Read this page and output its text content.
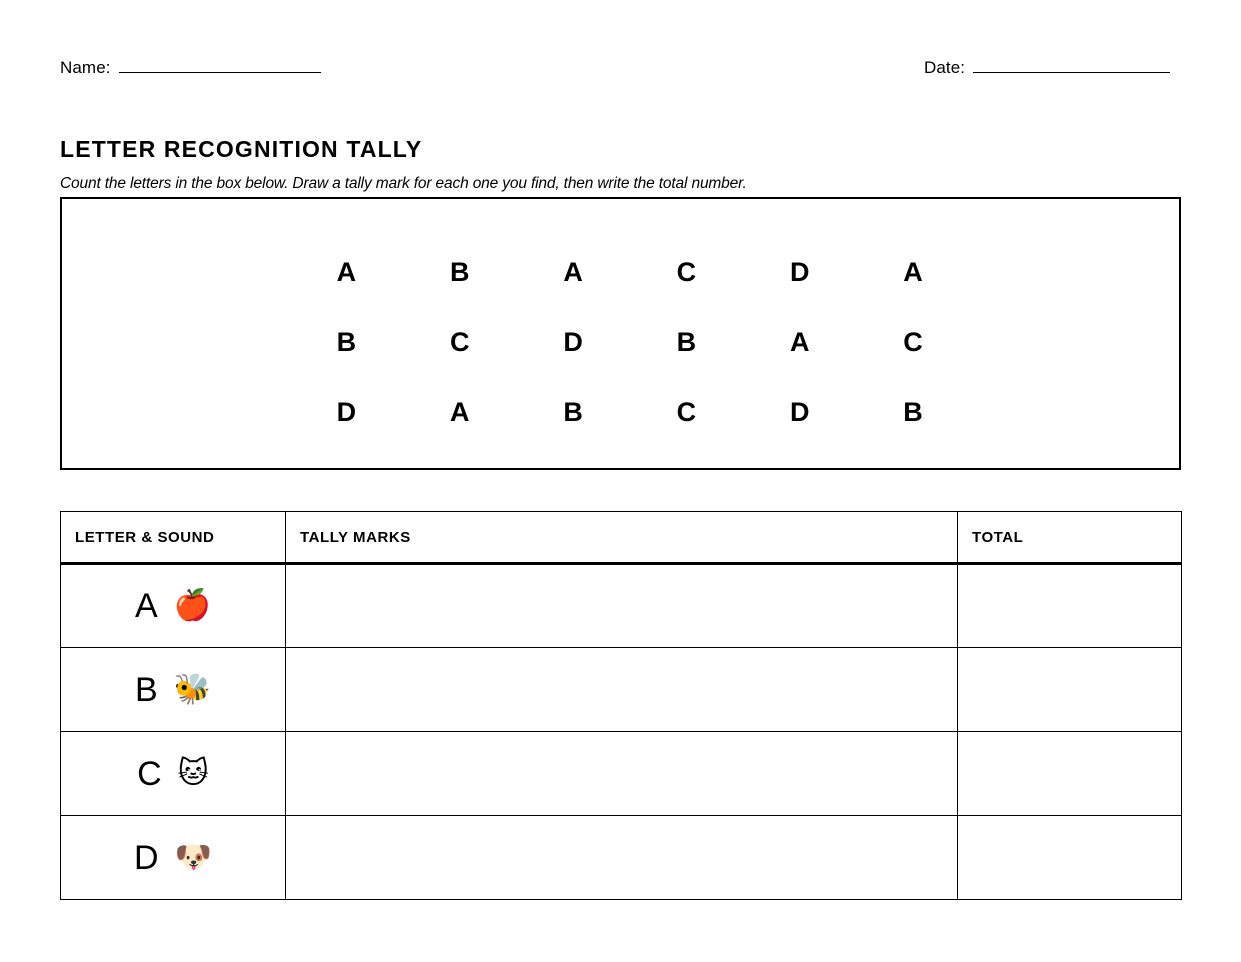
Name:	Date:
LETTER RECOGNITION TALLY

Count the letters in the box below. Draw a tally mark for each one you find, then write the total number.

A	B	A	C	D	A
B	C	D	B	A	C
D	A	B	C	D	B
LETTER & SOUND	TALLY MARKS	TOTAL
A 🍎		
B 🐝		
C 🐱		
D 🐶		
